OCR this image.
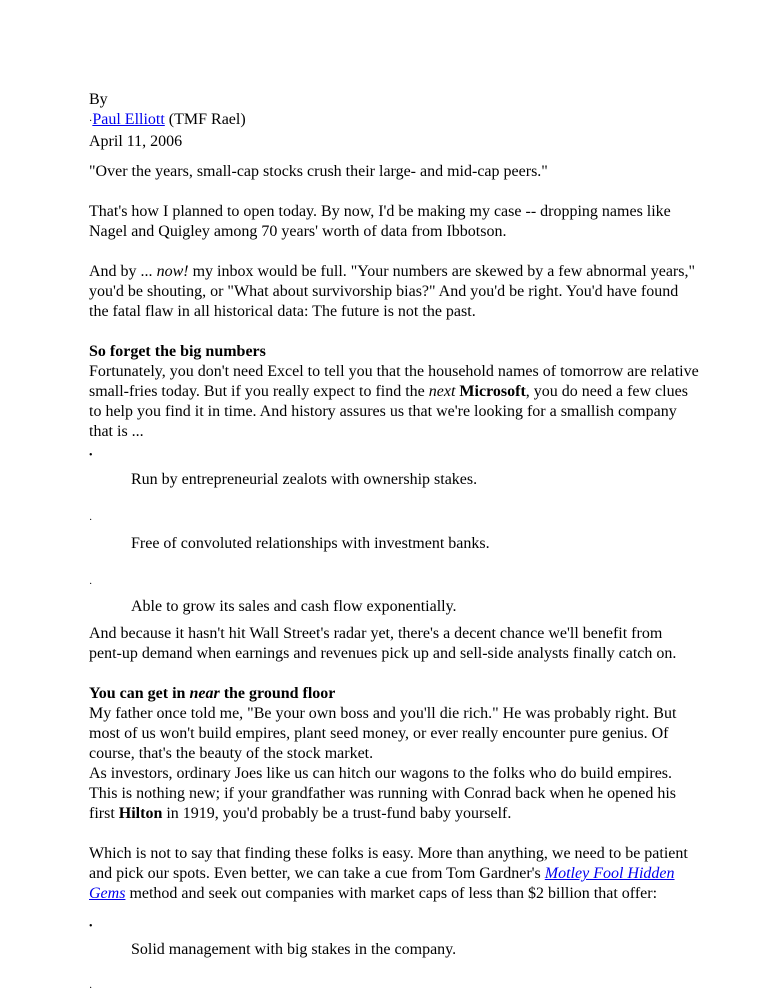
By
·Paul Elliott (TMF Rael)
April 11, 2006

"Over the years, small-cap stocks crush their large- and mid-cap peers."

That's how I planned to open today. By now, I'd be making my case -- dropping names like Nagel and Quigley among 70 years' worth of data from Ibbotson.

And by ... now! my inbox would be full. "Your numbers are skewed by a few abnormal years," you'd be shouting, or "What about survivorship bias?" And you'd be right. You'd have found the fatal flaw in all historical data: The future is not the past.

So forget the big numbers

Fortunately, you don't need Excel to tell you that the household names of tomorrow are relative small-fries today. But if you really expect to find the next Microsoft, you do need a few clues to help you find it in time. And history assures us that we're looking for a smallish company that is ...

•
Run by entrepreneurial zealots with ownership stakes.
·
Free of convoluted relationships with investment banks.
·
Able to grow its sales and cash flow exponentially.

And because it hasn't hit Wall Street's radar yet, there's a decent chance we'll benefit from pent-up demand when earnings and revenues pick up and sell-side analysts finally catch on.

You can get in near the ground floor

My father once told me, "Be your own boss and you'll die rich." He was probably right. But most of us won't build empires, plant seed money, or ever really encounter pure genius. Of course, that's the beauty of the stock market.

As investors, ordinary Joes like us can hitch our wagons to the folks who do build empires. This is nothing new; if your grandfather was running with Conrad back when he opened his first Hilton in 1919, you'd probably be a trust-fund baby yourself.

Which is not to say that finding these folks is easy. More than anything, we need to be patient and pick our spots. Even better, we can take a cue from Tom Gardner's Motley Fool Hidden Gems method and seek out companies with market caps of less than $2 billion that offer:

•
Solid management with big stakes in the company.
·
